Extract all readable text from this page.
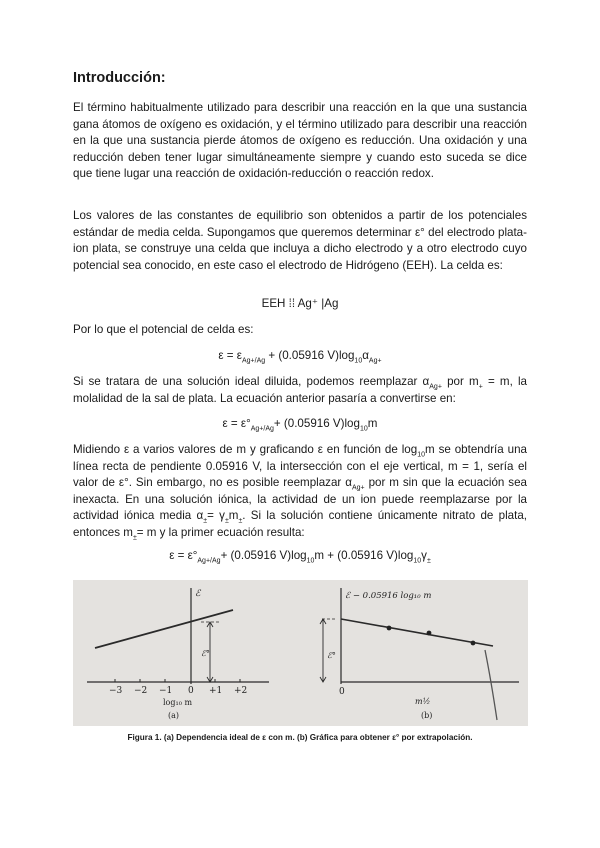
Introducción:

El término habitualmente utilizado para describir una reacción en la que una sustancia gana átomos de oxígeno es oxidación, y el término utilizado para describir una reacción en la que una sustancia pierde átomos de oxígeno es reducción. Una oxidación y una reducción deben tener lugar simultáneamente siempre y cuando esto suceda se dice que tiene lugar una reacción de oxidación-reducción o reacción redox.

Los valores de las constantes de equilibrio son obtenidos a partir de los potenciales estándar de media celda. Supongamos que queremos determinar ε° del electrodo plata-ion plata, se construye una celda que incluya a dicho electrodo y a otro electrodo cuyo potencial sea conocido, en este caso el electrodo de Hidrógeno (EEH). La celda es:

EEH ⁞⁞ Ag⁺ |Ag

Por lo que el potencial de celda es:

$\varepsilon = \varepsilon_{Ag+/Ag} + (0.05916$ $V)\log_{10}\alpha_{Ag+}$

Si se tratara de una solución ideal diluida, podemos reemplazar $\alpha_{Ag+}$ por $m_+ = m$, la molalidad de la sal de plata. La ecuación anterior pasaría a convertirse en:

$\varepsilon = \varepsilon^\circ_{Ag+/Ag}+ (0.05916$ $V)\log_{10}m$

Midiendo ε a varios valores de m y graficando ε en función de $\log_{10}m$ se obtendría una línea recta de pendiente 0.05916 V, la intersección con el eje vertical, m = 1, sería el valor de ε°. Sin embargo, no es posible reemplazar $\alpha_{Ag+}$ por m sin que la ecuación sea inexacta. En una solución iónica, la actividad de un ion puede reemplazarse por la actividad iónica media $\alpha_\pm= \gamma_\pm m_\pm$. Si la solución contiene únicamente nitrato de plata, entonces $m_\pm= m$ y la primer ecuación resulta:

$\varepsilon = \varepsilon^\circ_{Ag+/Ag}+ (0.05916$ $V)\log_{10}m + (0.05916$ $V)\log_{10}\gamma_\pm$
ℰ
ℰ°
−3 −2 −1 0 +1 +2
log₁₀ m
(a)
ℰ − 0.05916 log₁₀ m
ℰ°
0
m½
(b)
Figura 1. (a) Dependencia ideal de ε con m. (b) Gráfica para obtener ε° por extrapolación.
